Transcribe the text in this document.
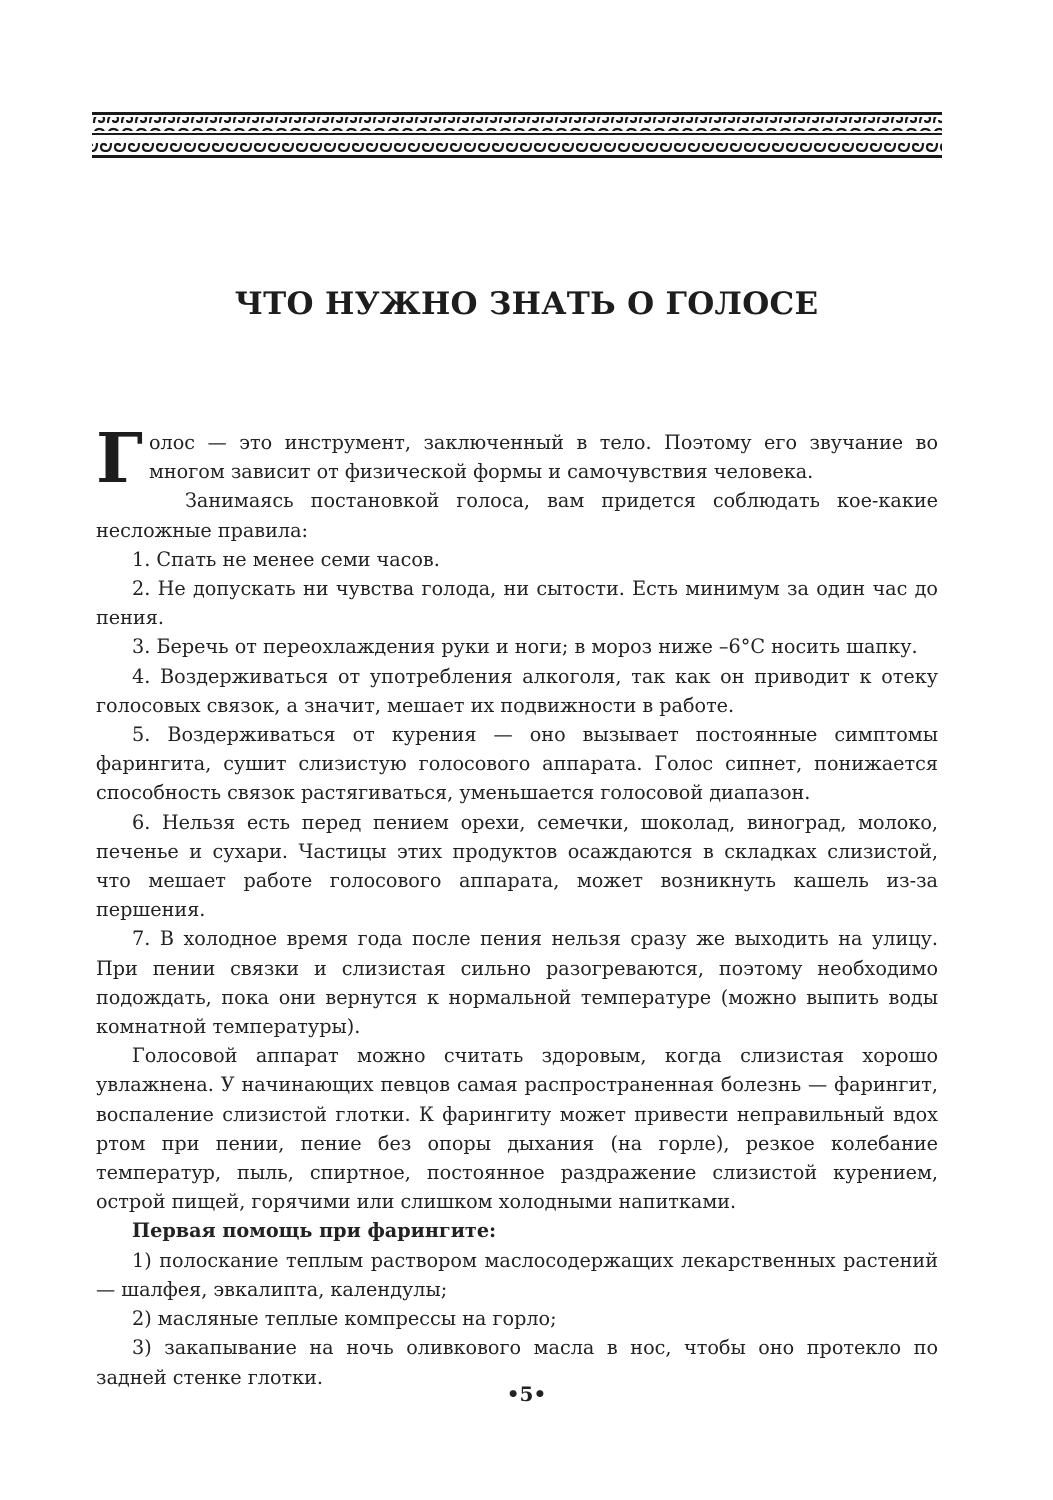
ЧТО НУЖНО ЗНАТЬ О ГОЛОСЕ

Голос — это инструмент, заключенный в тело. Поэтому его звучание во многом зависит от физической формы и самочувствия человека.

Занимаясь постановкой голоса, вам придется соблюдать кое-какие несложные правила:

1. Спать не менее семи часов.

2. Не допускать ни чувства голода, ни сытости. Есть минимум за один час до пения.

3. Беречь от переохлаждения руки и ноги; в мороз ниже –6°С носить шапку.

4. Воздерживаться от употребления алкоголя, так как он приводит к отеку голосовых связок, а значит, мешает их подвижности в работе.

5. Воздерживаться от курения — оно вызывает постоянные симптомы фарингита, сушит слизистую голосового аппарата. Голос сипнет, понижается способность связок растягиваться, уменьшается голосовой диапазон.

6. Нельзя есть перед пением орехи, семечки, шоколад, виноград, молоко, печенье и сухари. Частицы этих продуктов осаждаются в складках слизистой, что мешает работе голосового аппарата, может возникнуть кашель из-за першения.

7. В холодное время года после пения нельзя сразу же выходить на улицу. При пении связки и слизистая сильно разогреваются, поэтому необходимо подождать, пока они вернутся к нормальной температуре (можно выпить воды комнатной температуры).

Голосовой аппарат можно считать здоровым, когда слизистая хорошо увлажнена. У начинающих певцов самая распространенная болезнь — фарингит, воспаление слизистой глотки. К фарингиту может привести неправильный вдох ртом при пении, пение без опоры дыхания (на горле), резкое колебание температур, пыль, спиртное, постоянное раздражение слизистой курением, острой пищей, горячими или слишком холодными напитками.

Первая помощь при фарингите:

1) полоскание теплым раствором маслосодержащих лекарственных растений — шалфея, эвкалипта, календулы;

2) масляные теплые компрессы на горло;

3) закапывание на ночь оливкового масла в нос, чтобы оно протекло по задней стенке глотки.

•5•
